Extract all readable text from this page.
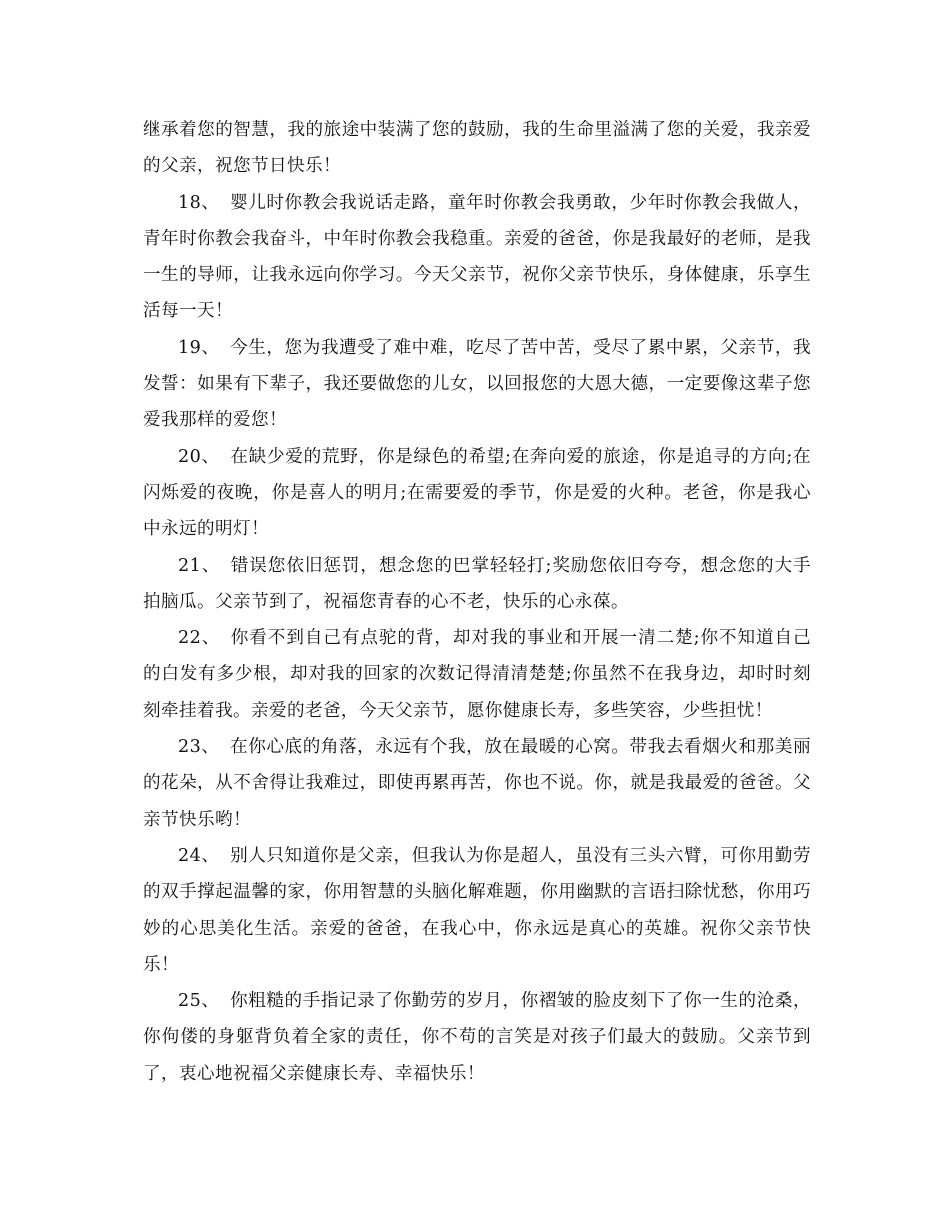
继承着您的智慧，我的旅途中装满了您的鼓励，我的生命里溢满了您的关爱，我亲爱的父亲，祝您节日快乐！

18、 婴儿时你教会我说话走路，童年时你教会我勇敢，少年时你教会我做人，青年时你教会我奋斗，中年时你教会我稳重。亲爱的爸爸，你是我最好的老师，是我一生的导师，让我永远向你学习。今天父亲节，祝你父亲节快乐，身体健康，乐享生活每一天！

19、 今生，您为我遭受了难中难，吃尽了苦中苦，受尽了累中累，父亲节，我发誓：如果有下辈子，我还要做您的儿女，以回报您的大恩大德，一定要像这辈子您爱我那样的爱您！

20、 在缺少爱的荒野，你是绿色的希望;在奔向爱的旅途，你是追寻的方向;在闪烁爱的夜晚，你是喜人的明月;在需要爱的季节，你是爱的火种。老爸，你是我心中永远的明灯！

21、 错误您依旧惩罚，想念您的巴掌轻轻打;奖励您依旧夸夸，想念您的大手拍脑瓜。父亲节到了，祝福您青春的心不老，快乐的心永葆。

22、 你看不到自己有点驼的背，却对我的事业和开展一清二楚;你不知道自己的白发有多少根，却对我的回家的次数记得清清楚楚;你虽然不在我身边，却时时刻刻牵挂着我。亲爱的老爸，今天父亲节，愿你健康长寿，多些笑容，少些担忧！

23、 在你心底的角落，永远有个我，放在最暖的心窝。带我去看烟火和那美丽的花朵，从不舍得让我难过，即使再累再苦，你也不说。你，就是我最爱的爸爸。父亲节快乐哟！

24、 别人只知道你是父亲，但我认为你是超人，虽没有三头六臂，可你用勤劳的双手撑起温馨的家，你用智慧的头脑化解难题，你用幽默的言语扫除忧愁，你用巧妙的心思美化生活。亲爱的爸爸，在我心中，你永远是真心的英雄。祝你父亲节快乐！

25、 你粗糙的手指记录了你勤劳的岁月，你褶皱的脸皮刻下了你一生的沧桑，你佝偻的身躯背负着全家的责任，你不苟的言笑是对孩子们最大的鼓励。父亲节到了，衷心地祝福父亲健康长寿、幸福快乐！
